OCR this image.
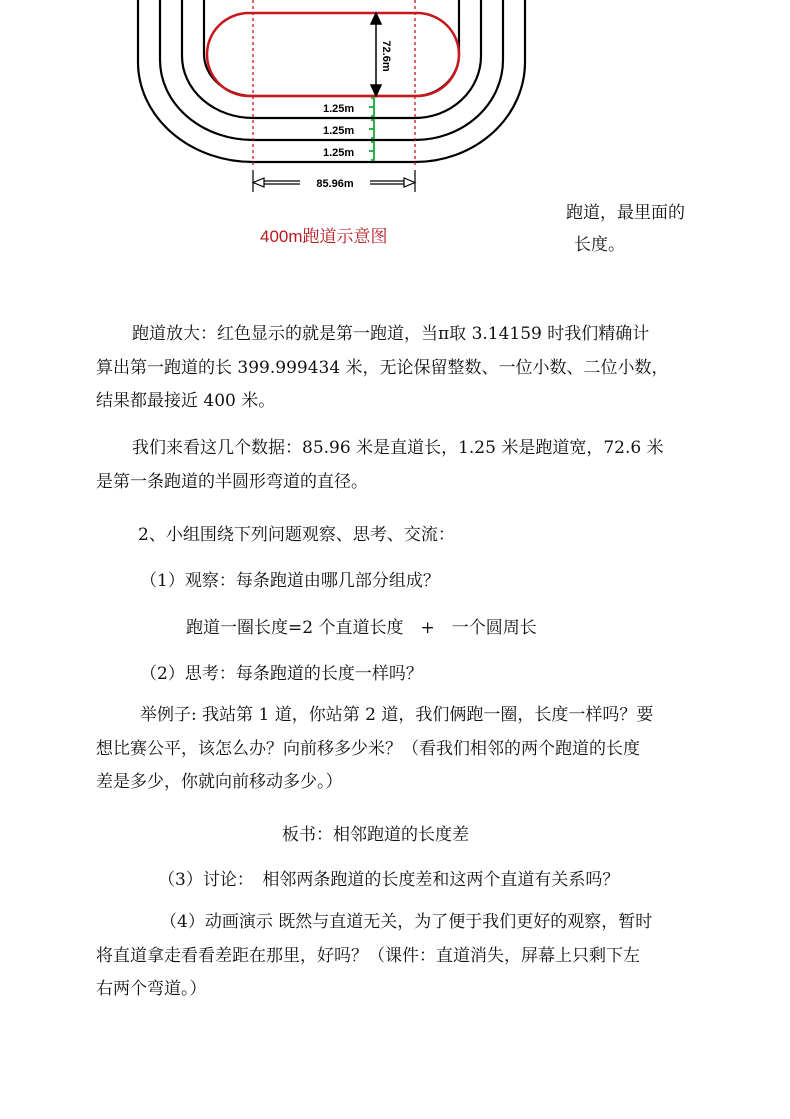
72.6m
1.25m
1.25m
1.25m
85.96m
400m跑道示意图
跑道，最里面的
长度。
跑道放大：红色显示的就是第一跑道，当π取 3.14159 时我们精确计
算出第一跑道的长 399.999434 米，无论保留整数、一位小数、二位小数，
结果都最接近 400 米。
我们来看这几个数据：85.96 米是直道长，1.25 米是跑道宽，72.6 米
是第一条跑道的半圆形弯道的直径。
2、小组围绕下列问题观察、思考、交流：
（1）观察：每条跑道由哪几部分组成？
跑道一圈长度=2 个直道长度　+　一个圆周长
（2）思考：每条跑道的长度一样吗？
举例子: 我站第 1 道，你站第 2 道，我们俩跑一圈，长度一样吗？要
想比赛公平，该怎么办？向前移多少米？（看我们相邻的两个跑道的长度
差是多少，你就向前移动多少。）
板书：相邻跑道的长度差
（3）讨论：　相邻两条跑道的长度差和这两个直道有关系吗？
（4）动画演示 既然与直道无关，为了便于我们更好的观察，暂时
将直道拿走看看差距在那里，好吗？（课件：直道消失，屏幕上只剩下左
右两个弯道。）
